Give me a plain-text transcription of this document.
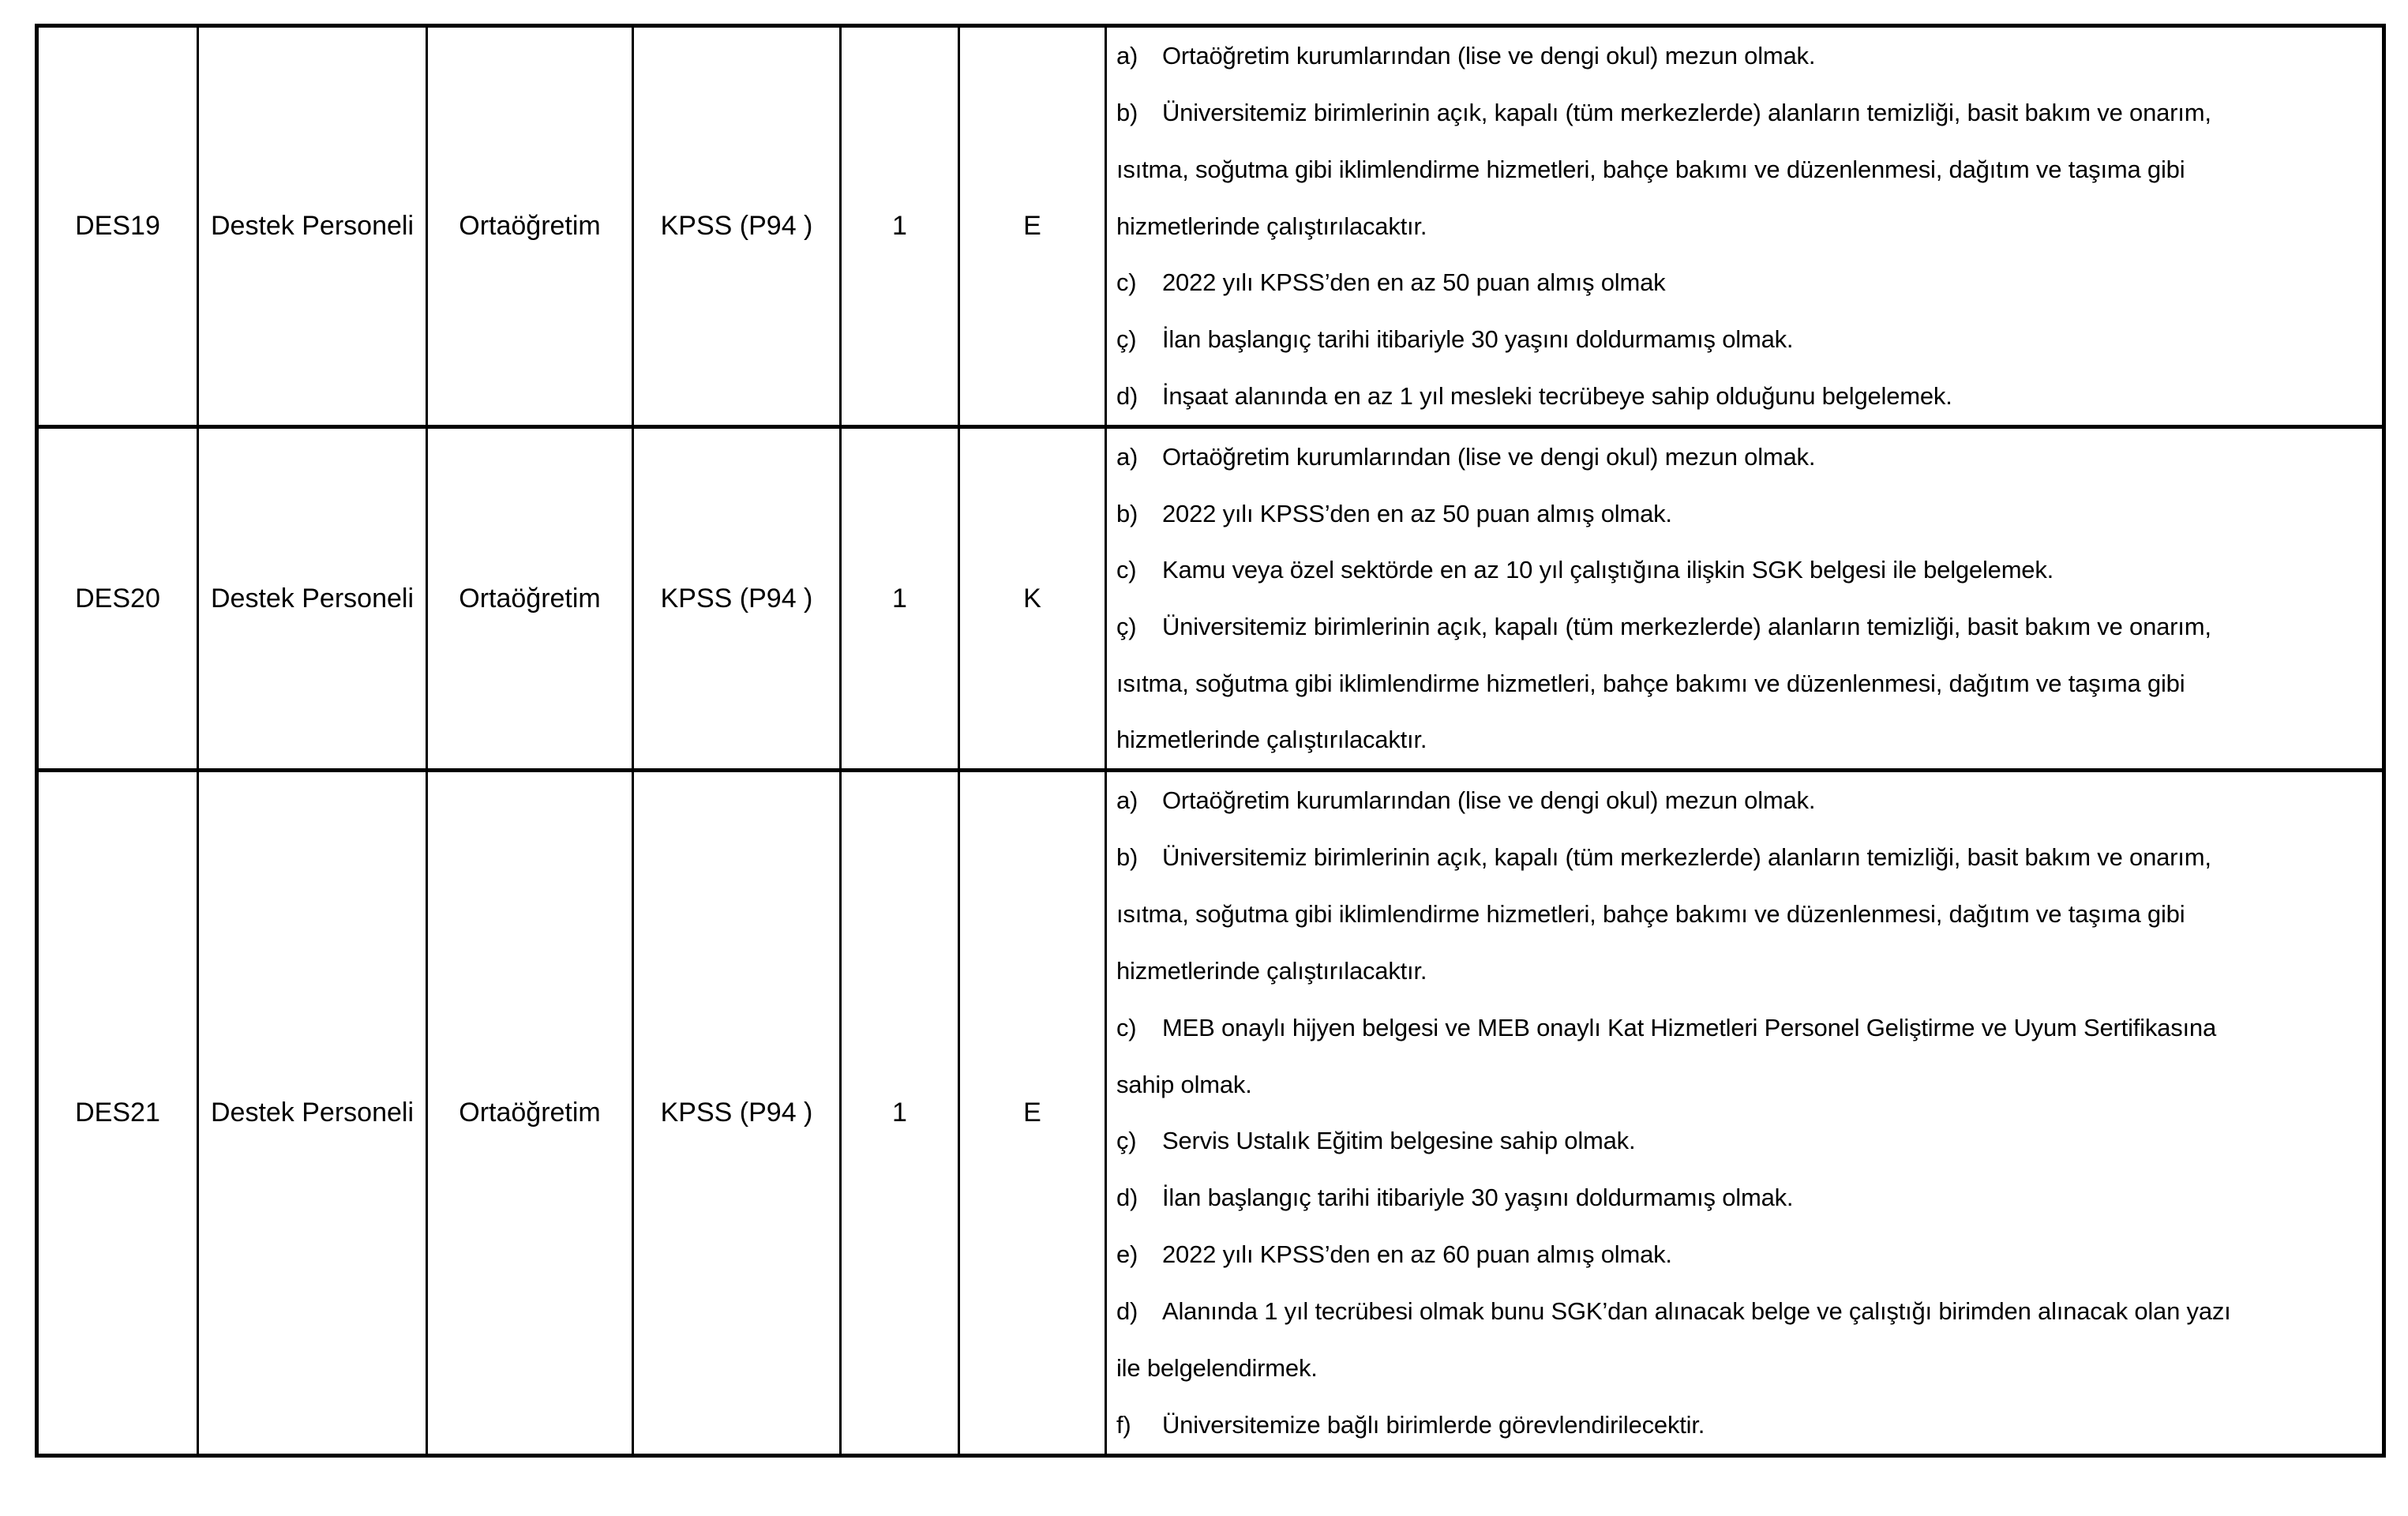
DES19	Destek Personeli	Ortaöğretim	KPSS (P94 )	1	E
a) Ortaöğretim kurumlarından (lise ve dengi okul) mezun olmak.
b) Üniversitemiz birimlerinin açık, kapalı (tüm merkezlerde) alanların temizliği, basit bakım ve onarım,
ısıtma, soğutma gibi iklimlendirme hizmetleri, bahçe bakımı ve düzenlenmesi, dağıtım ve taşıma gibi
hizmetlerinde çalıştırılacaktır.
c)	2022 yılı KPSS’den en az 50 puan almış olmak
ç)	İlan başlangıç tarihi itibariyle 30 yaşını doldurmamış olmak.
d) İnşaat alanında en az 1 yıl mesleki tecrübeye sahip olduğunu belgelemek.
DES20	Destek Personeli	Ortaöğretim	KPSS (P94 )	1	K
a) Ortaöğretim kurumlarından (lise ve dengi okul) mezun olmak.
b) 2022 yılı KPSS’den en az 50 puan almış olmak.
c)	Kamu veya özel sektörde en az 10 yıl çalıştığına ilişkin SGK belgesi ile belgelemek.
ç)	Üniversitemiz birimlerinin açık, kapalı (tüm merkezlerde) alanların temizliği, basit bakım ve onarım,
ısıtma, soğutma gibi iklimlendirme hizmetleri, bahçe bakımı ve düzenlenmesi, dağıtım ve taşıma gibi
hizmetlerinde çalıştırılacaktır.
DES21	Destek Personeli	Ortaöğretim	KPSS (P94 )	1	E
a) Ortaöğretim kurumlarından (lise ve dengi okul) mezun olmak.
b) Üniversitemiz birimlerinin açık, kapalı (tüm merkezlerde) alanların temizliği, basit bakım ve onarım,
ısıtma, soğutma gibi iklimlendirme hizmetleri, bahçe bakımı ve düzenlenmesi, dağıtım ve taşıma gibi
hizmetlerinde çalıştırılacaktır.
c)	MEB onaylı hijyen belgesi ve MEB onaylı Kat Hizmetleri Personel Geliştirme ve Uyum Sertifikasına
sahip olmak.
ç)	Servis Ustalık Eğitim belgesine sahip olmak.
d) İlan başlangıç tarihi itibariyle 30 yaşını doldurmamış olmak.
e) 2022 yılı KPSS’den en az 60 puan almış olmak.
d) Alanında 1 yıl tecrübesi olmak bunu SGK’dan alınacak belge ve çalıştığı birimden alınacak olan yazı
ile belgelendirmek.
f)	Üniversitemize bağlı birimlerde görevlendirilecektir.
